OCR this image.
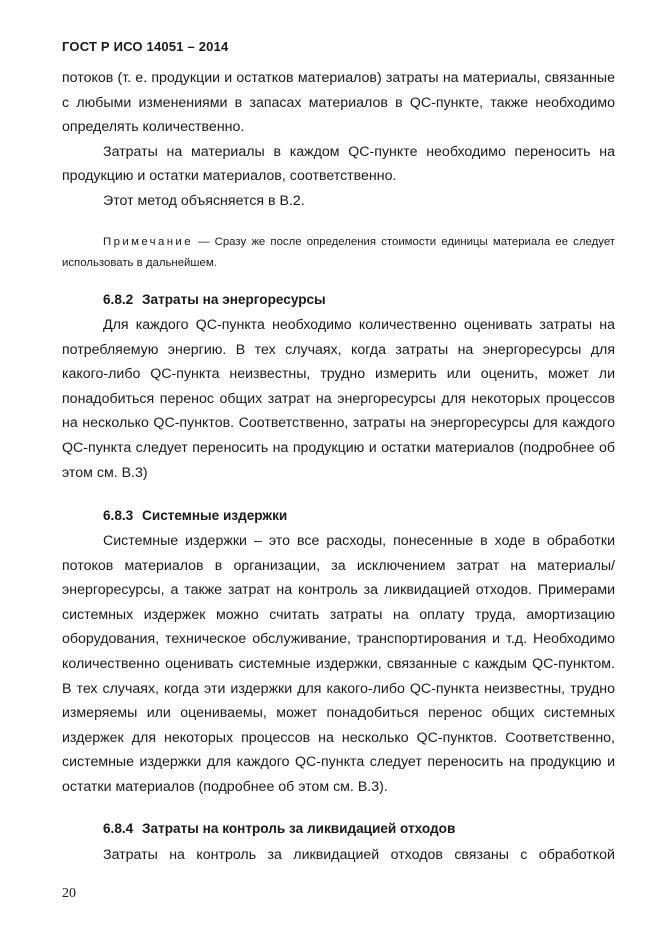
ГОСТ Р ИСО 14051 – 2014

потоков (т. е. продукции и остатков материалов) затраты на материалы, связанные с любыми изменениями в запасах материалов в QC-пункте, также необходимо определять количественно.

Затраты на материалы в каждом QC-пункте необходимо переносить на продукцию и остатки материалов, соответственно.

Этот метод объясняется в В.2.

Примечание — Сразу же после определения стоимости единицы материала ее следует использовать в дальнейшем.
6.8.2 Затраты на энергоресурсы

Для каждого QC-пункта необходимо количественно оценивать затраты на потребляемую энергию. В тех случаях, когда затраты на энергоресурсы для какого-либо QC-пункта неизвестны, трудно измерить или оценить, может ли понадобиться перенос общих затрат на энергоресурсы для некоторых процессов на несколько QC-пунктов. Соответственно, затраты на энергоресурсы для каждого QC-пункта следует переносить на продукцию и остатки материалов (подробнее об этом см. В.3)

6.8.3 Системные издержки

Системные издержки – это все расходы, понесенные в ходе в обработки потоков материалов в организации, за исключением затрат на материалы/энергоресурсы, а также затрат на контроль за ликвидацией отходов. Примерами системных издержек можно считать затраты на оплату труда, амортизацию оборудования, техническое обслуживание, транспортирования и т.д. Необходимо количественно оценивать системные издержки, связанные с каждым QC-пунктом. В тех случаях, когда эти издержки для какого-либо QC-пункта неизвестны, трудно измеряемы или оцениваемы, может понадобиться перенос общих системных издержек для некоторых процессов на несколько QC-пунктов. Соответственно, системные издержки для каждого QC-пункта следует переносить на продукцию и остатки материалов (подробнее об этом см. В.3).

6.8.4 Затраты на контроль за ликвидацией отходов

Затраты на контроль за ликвидацией отходов связаны с обработкой

20
